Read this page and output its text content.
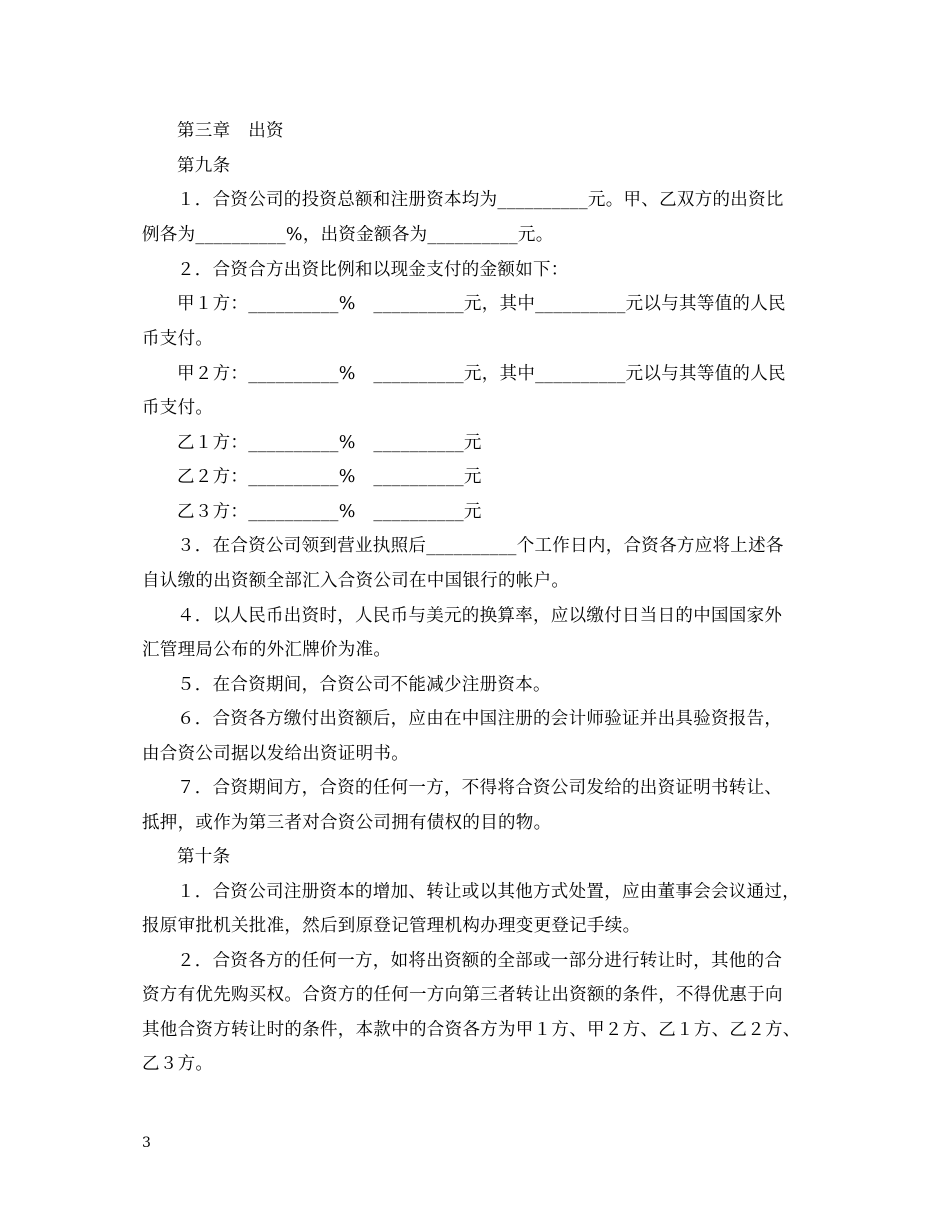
第三章　出资
第九条
１．合资公司的投资总额和注册资本均为__________元。甲、乙双方的出资比
例各为__________%，出资金额各为__________元。
２．合资合方出资比例和以现金支付的金额如下：
甲１方：__________%　__________元，其中__________元以与其等值的人民
币支付。
甲２方：__________%　__________元，其中__________元以与其等值的人民
币支付。
乙１方：__________%　__________元
乙２方：__________%　__________元
乙３方：__________%　__________元
３．在合资公司领到营业执照后__________个工作日内，合资各方应将上述各
自认缴的出资额全部汇入合资公司在中国银行的帐户。
４．以人民币出资时，人民币与美元的换算率，应以缴付日当日的中国国家外
汇管理局公布的外汇牌价为准。
５．在合资期间，合资公司不能减少注册资本。
６．合资各方缴付出资额后，应由在中国注册的会计师验证并出具验资报告，
由合资公司据以发给出资证明书。
７．合资期间方，合资的任何一方，不得将合资公司发给的出资证明书转让、
抵押，或作为第三者对合资公司拥有债权的目的物。
第十条
１．合资公司注册资本的增加、转让或以其他方式处置，应由董事会会议通过，
报原审批机关批准，然后到原登记管理机构办理变更登记手续。
２．合资各方的任何一方，如将出资额的全部或一部分进行转让时，其他的合
资方有优先购买权。合资方的任何一方向第三者转让出资额的条件，不得优惠于向
其他合资方转让时的条件，本款中的合资各方为甲１方、甲２方、乙１方、乙２方、
乙３方。
3
